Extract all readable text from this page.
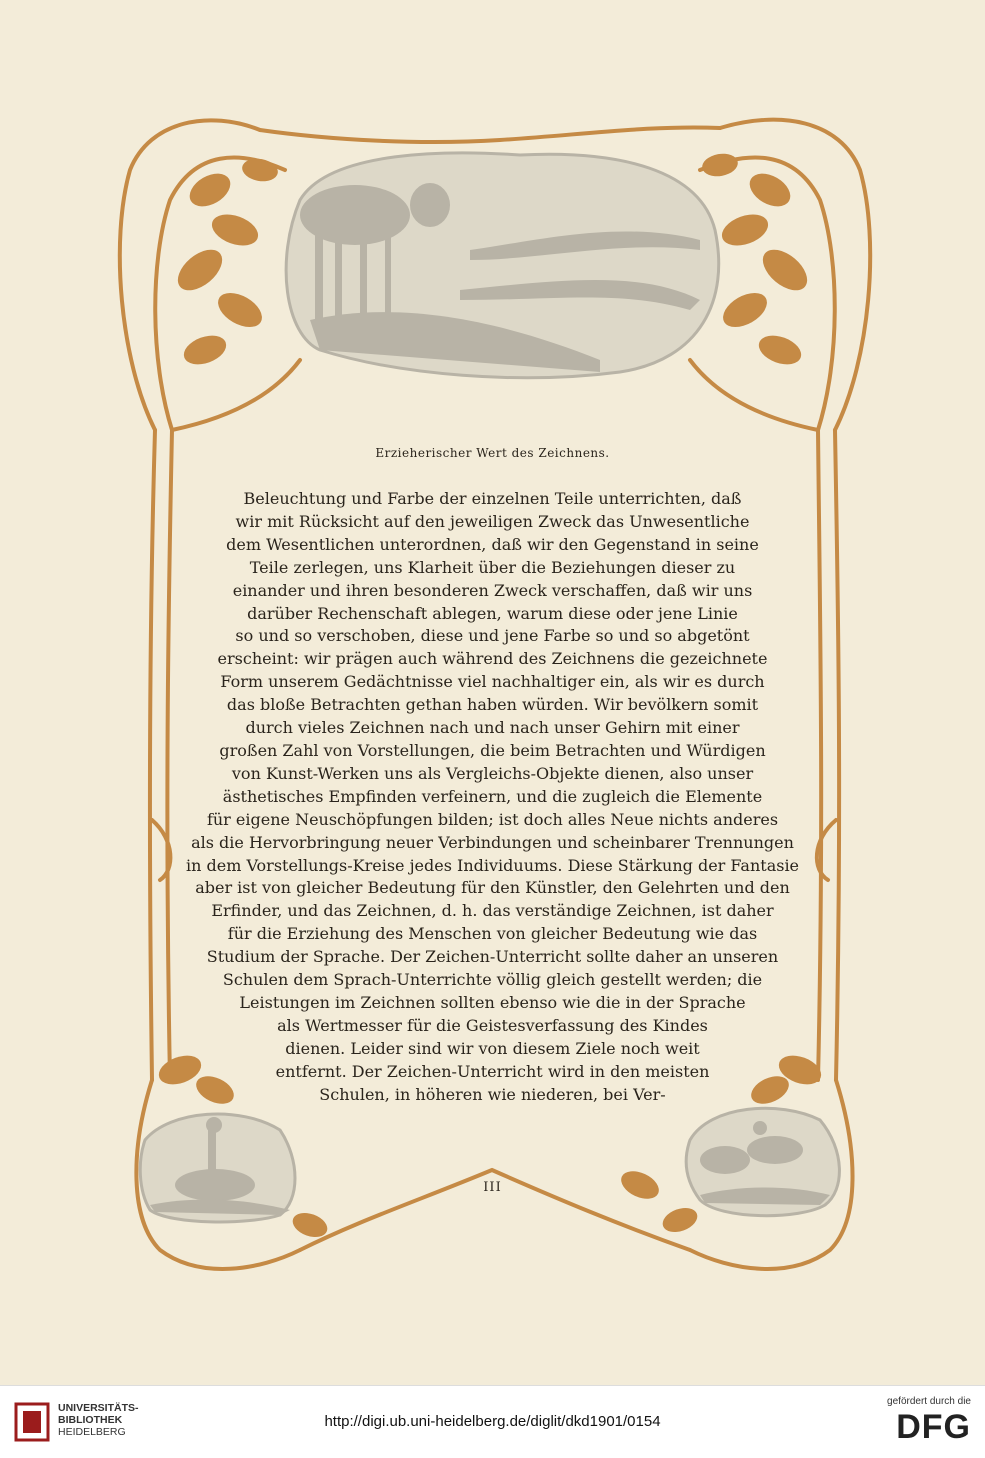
Erzieherischer Wert des Zeichnens.

Beleuchtung und Farbe der einzelnen Teile unterrichten, daß
wir mit Rücksicht auf den jeweiligen Zweck das Unwesentliche
dem Wesentlichen unterordnen, daß wir den Gegenstand in seine
Teile zerlegen, uns Klarheit über die Beziehungen dieser zu
einander und ihren besonderen Zweck verschaffen, daß wir uns
darüber Rechenschaft ablegen, warum diese oder jene Linie
so und so verschoben, diese und jene Farbe so und so abgetönt
erscheint: wir prägen auch während des Zeichnens die gezeichnete
Form unserem Gedächtnisse viel nachhaltiger ein, als wir es durch
das bloße Betrachten gethan haben würden. Wir bevölkern somit
durch vieles Zeichnen nach und nach unser Gehirn mit einer
großen Zahl von Vorstellungen, die beim Betrachten und Würdigen
von Kunst-Werken uns als Vergleichs-Objekte dienen, also unser
ästhetisches Empfinden verfeinern, und die zugleich die Elemente
für eigene Neuschöpfungen bilden; ist doch alles Neue nichts anderes
als die Hervorbringung neuer Verbindungen und scheinbarer Trennungen
in dem Vorstellungs-Kreise jedes Individuums. Diese Stärkung der Fantasie
aber ist von gleicher Bedeutung für den Künstler, den Gelehrten und den
Erfinder, und das Zeichnen, d. h. das verständige Zeichnen, ist daher
für die Erziehung des Menschen von gleicher Bedeutung wie das
Studium der Sprache. Der Zeichen-Unterricht sollte daher an unseren
Schulen dem Sprach-Unterrichte völlig gleich gestellt werden; die
Leistungen im Zeichnen sollten ebenso wie die in der Sprache
als Wertmesser für die Geistesverfassung des Kindes
dienen. Leider sind wir von diesem Ziele noch weit
entfernt. Der Zeichen-Unterricht wird in den meisten
Schulen, in höheren wie niederen, bei Ver-

III

UNIVERSITÄTS-
BIBLIOTHEK
HEIDELBERG
http://digi.ub.uni-heidelberg.de/diglit/dkd1901/0154
gefördert durch die
DFG
